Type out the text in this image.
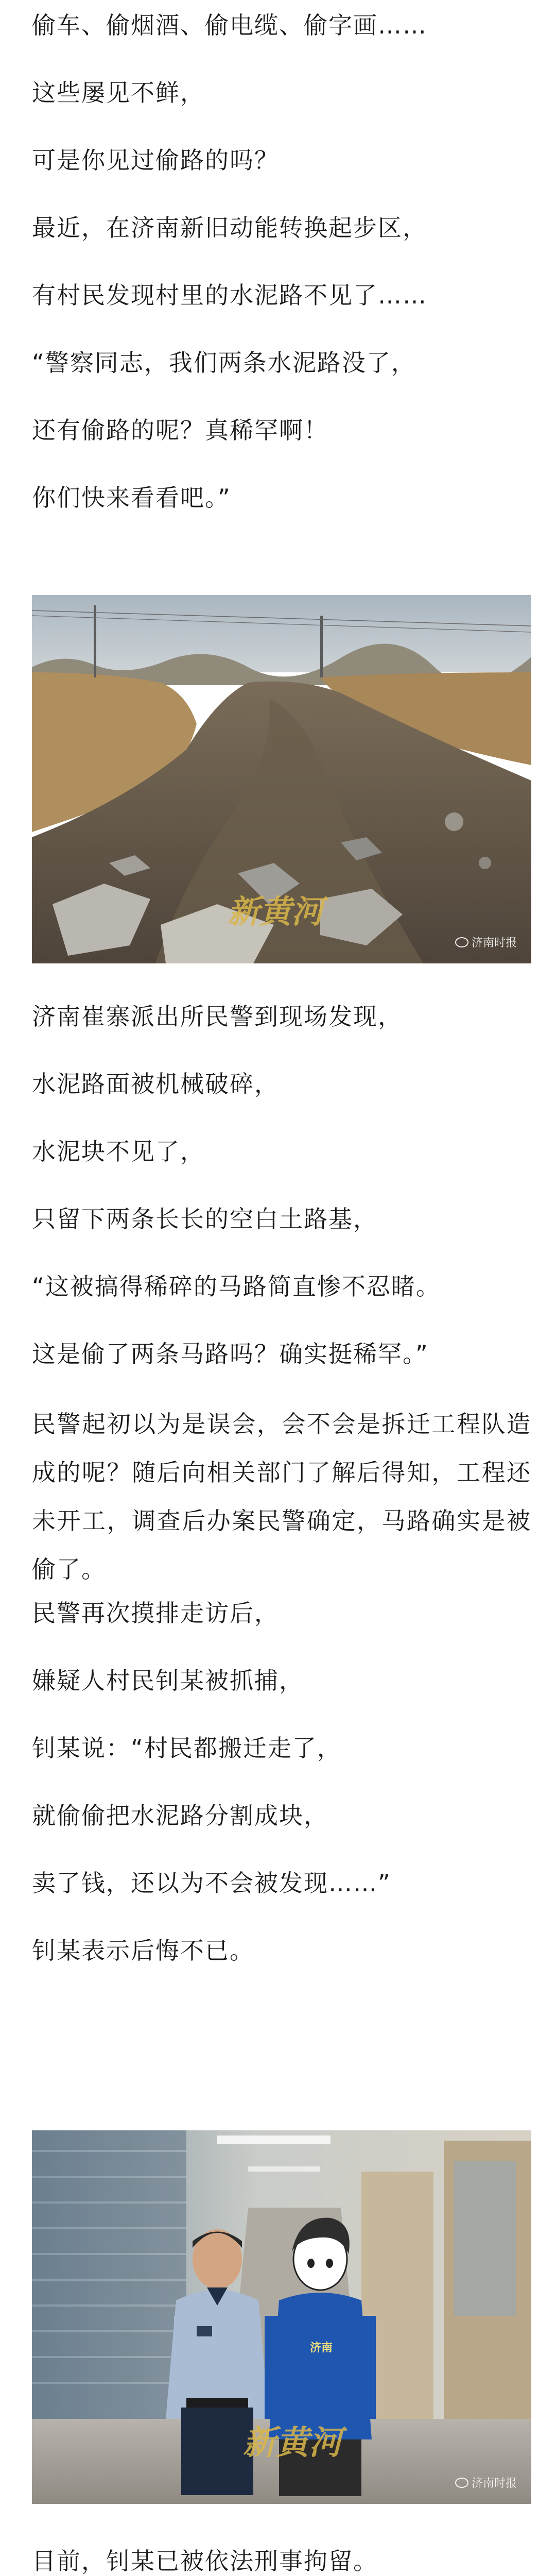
偷车、偷烟酒、偷电缆、偷字画……

这些屡见不鲜，

可是你见过偷路的吗？

最近，在济南新旧动能转换起步区，

有村民发现村里的水泥路不见了……

“警察同志，我们两条水泥路没了，

还有偷路的呢？真稀罕啊！

你们快来看看吧。”

新黄河
济南时报

济南崔寨派出所民警到现场发现，

水泥路面被机械破碎，

水泥块不见了，

只留下两条长长的空白土路基，

“这被搞得稀碎的马路简直惨不忍睹。

这是偷了两条马路吗？确实挺稀罕。”

民警起初以为是误会，会不会是拆迁工程队造成的呢？随后向相关部门了解后得知，工程还未开工，调查后办案民警确定，马路确实是被偷了。

民警再次摸排走访后，

嫌疑人村民钊某被抓捕，

钊某说：“村民都搬迁走了，

就偷偷把水泥路分割成块，

卖了钱，还以为不会被发现……”

钊某表示后悔不已。

济南
新黄河
济南时报

目前，钊某已被依法刑事拘留。
